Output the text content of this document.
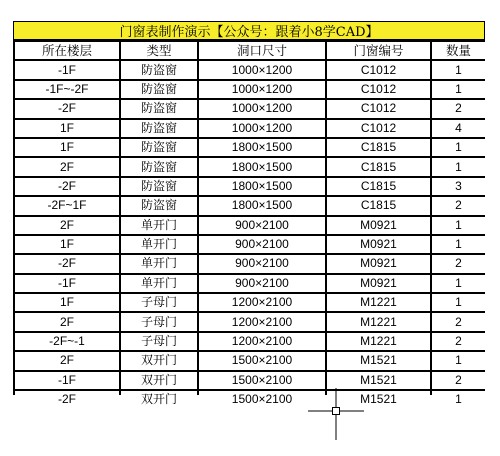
门窗表制作演示【公众号：跟着小8学CAD】
所在楼层	类型	洞口尺寸	门窗编号	数量
-1F	防盗窗	1000×1200	C1012	1
-1F~-2F	防盗窗	1000×1200	C1012	1
-2F	防盗窗	1000×1200	C1012	2
1F	防盗窗	1000×1200	C1012	4
1F	防盗窗	1800×1500	C1815	1
2F	防盗窗	1800×1500	C1815	1
-2F	防盗窗	1800×1500	C1815	3
-2F~1F	防盗窗	1800×1500	C1815	2
2F	单开门	900×2100	M0921	1
1F	单开门	900×2100	M0921	1
-2F	单开门	900×2100	M0921	2
-1F	单开门	900×2100	M0921	1
1F	子母门	1200×2100	M1221	1
2F	子母门	1200×2100	M1221	2
-2F~-1	子母门	1200×2100	M1221	2
2F	双开门	1500×2100	M1521	1
-1F	双开门	1500×2100	M1521	2
-2F	双开门	1500×2100	M1521	1
